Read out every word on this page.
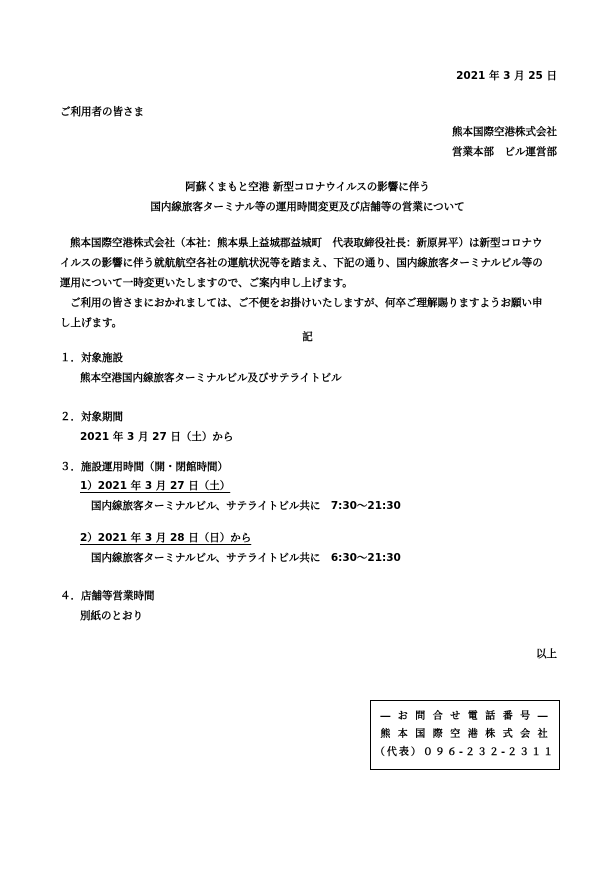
2021 年 3 月 25 日
ご利用者の皆さま
熊本国際空港株式会社
営業本部　ビル運営部
阿蘇くまもと空港 新型コロナウイルスの影響に伴う
国内線旅客ターミナル等の運用時間変更及び店舗等の営業について

熊本国際空港株式会社（本社：熊本県上益城郡益城町　代表取締役社長：新原昇平）は新型コロナウ

イルスの影響に伴う就航航空各社の運航状況等を踏まえ、下記の通り、国内線旅客ターミナルビル等の

運用について一時変更いたしますので、ご案内申し上げます。

ご利用の皆さまにおかれましては、ご不便をお掛けいたしますが、何卒ご理解賜りますようお願い申

し上げます。

記
１．対象施設
熊本空港国内線旅客ターミナルビル及びサテライトビル
２．対象期間
2021 年 3 月 27 日（土）から
３．施設運用時間（開・閉館時間）
1）2021 年 3 月 27 日（土）
国内線旅客ターミナルビル、サテライトビル共に　7:30～21:30
2）2021 年 3 月 28 日（日）から
国内線旅客ターミナルビル、サテライトビル共に　6:30～21:30
４．店舗等営業時間
別紙のとおり
以上
― お 問 合 せ 電 話 番 号 ―
熊 本 国 際 空 港 株 式 会 社
（代表）０９６-２３２-２３１１
